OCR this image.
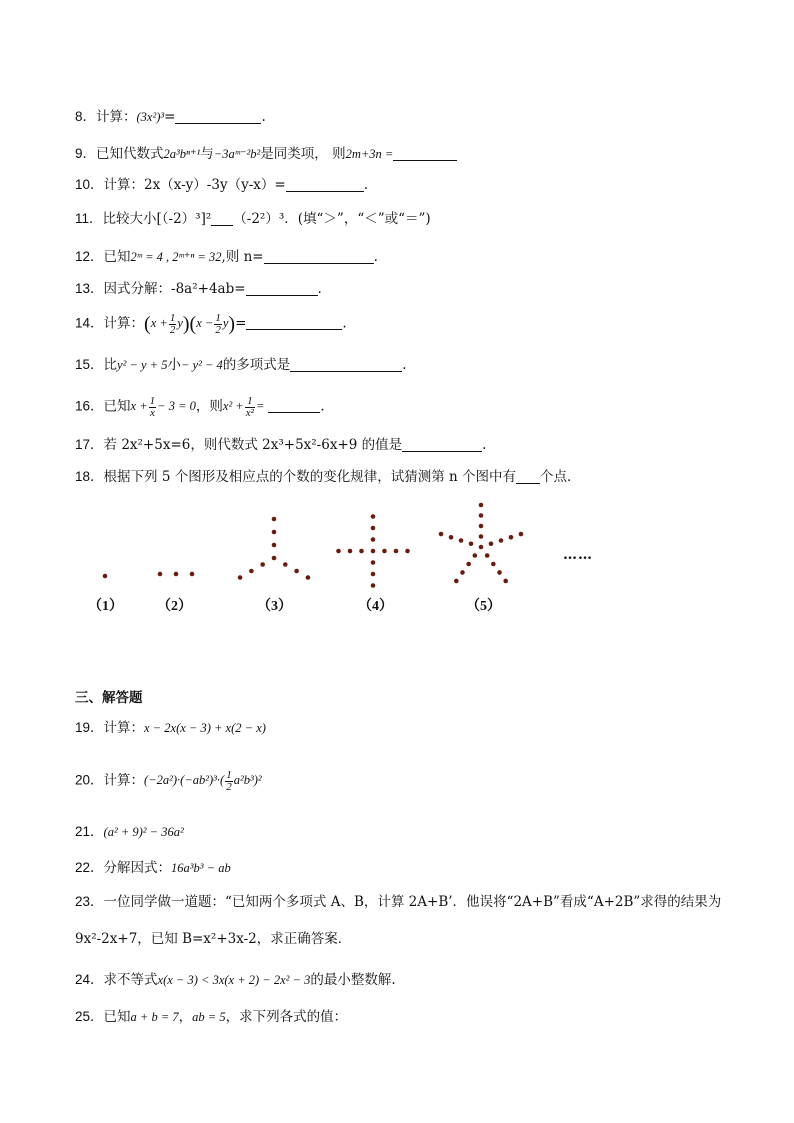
8．计算：(3x²)³=	.
9．已知代数式2a³bⁿ⁺¹与−3aᵐ⁻²b²是同类项， 则2m+3n =
10．计算：2x（x-y）-3y（y-x）=	.
11．比较大小[（-2）³]² （-2²）³．(填“＞”，“＜”或“＝”)
12．已知2ᵐ = 4 , 2ᵐ⁺ⁿ = 32,则 n=	.
13．因式分解：-8a²+4ab=	.
14．计算：$(x + \frac{1}{2} y)(x - \frac{1}{2} y)=$	.
15．比y² − y + 5小− y² − 4的多项式是	.
16．已知$x + \frac{1}{x} - 3 = 0$，则$x^2 + \frac{1}{\text{x²}}$ =	.
17．若 2x²+5x=6，则代数式 2x³+5x²-6x+9 的值是	.
18．根据下列 5 个图形及相应点的个数的变化规律，试猜测第 n 个图中有 个点．
（1） （2）	（3）	（4）	（5）
……
三、解答题
19．计算：x − 2x(x − 3) + x(2 − x)
20．计算：$(-2a^2)\cdot(-ab^2)^3\cdot( \frac{1}{2} a^2b^3)^2$
21．(a² + 9)² − 36a²
22．分解因式：16a³b³ − ab
23．一位同学做一道题：“已知两个多项式 A、B，计算 2A+B’．他误将“2A+B”看成“A+2B”求得的结果为
9x²-2x+7，已知 B=x²+3x-2，求正确答案．
24．求不等式x(x − 3) < 3x(x + 2) − 2x² − 3的最小整数解.
25．已知a + b = 7，ab = 5，求下列各式的值：
